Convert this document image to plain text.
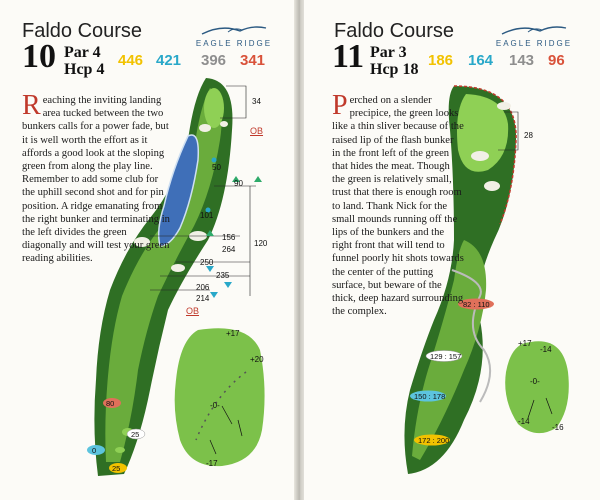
Faldo Course
EAGLE RIDGE
10 Par 4
Hcp 4
446 421 396 341
34
50
90
101
120
156
264
250
235
206
214
80
25
0
25
+17
+20
-0-
-17
OB
OB
Reaching the inviting landing area tucked between the two bunkers calls for a power fade, but it is well worth the effort as it affords a good look at the sloping green from along the play line. Remember to add some club for the uphill second shot and for pin position. A ridge emanating from the right bunker and terminating in the left divides the green diagonally and will test your green reading abilities.
Faldo Course
EAGLE RIDGE
11 Par 3
Hcp 18
186 164 143 96
28
82 : 110
129 : 157
150 : 178
172 : 200
+17
-14
-0-
-14
-16
Perched on a slender precipice, the green looks like a thin sliver because of the raised lip of the flash bunker in the front left of the green that hides the meat. Though the green is relatively small, trust that there is enough room to land. Thank Nick for the small mounds running off the lips of the bunkers and the right front that will tend to funnel poorly hit shots towards the center of the putting surface, but beware of the thick, deep hazard surrounding the complex.
